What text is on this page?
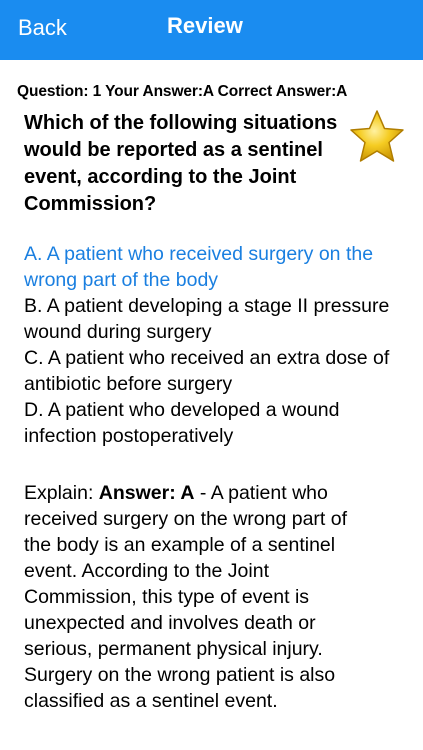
Back	Review
Question: 1 Your Answer:A Correct Answer:A
Which of the following situations would be reported as a sentinel event, according to the Joint Commission?
A. A patient who received surgery on the wrong part of the body
B. A patient developing a stage II pressure wound during surgery
C. A patient who received an extra dose of antibiotic before surgery
D. A patient who developed a wound infection postoperatively
Explain: Answer: A - A patient who received surgery on the wrong part of the body is an example of a sentinel event. According to the Joint Commission, this type of event is unexpected and involves death or serious, permanent physical injury. Surgery on the wrong patient is also classified as a sentinel event.
